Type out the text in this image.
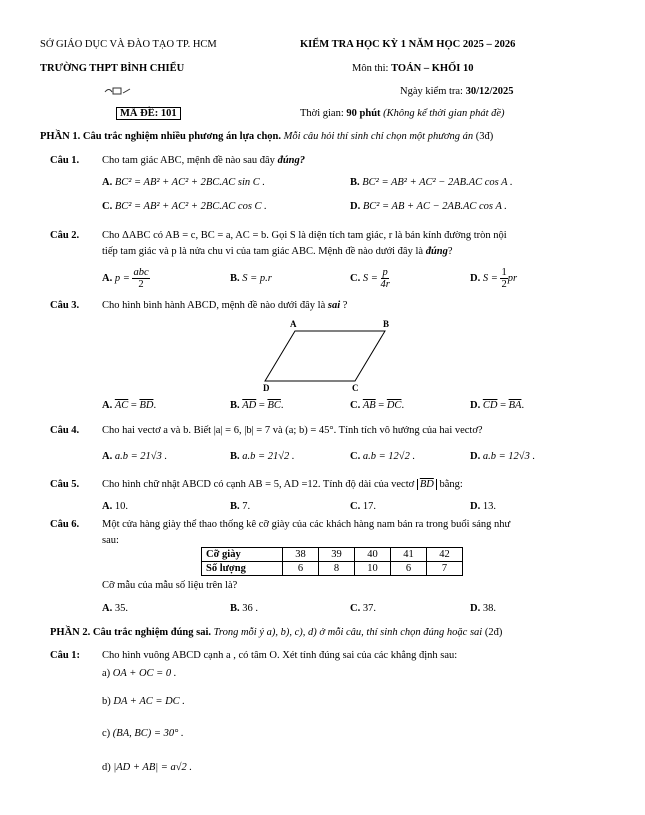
SỞ GIÁO DỤC VÀ ĐÀO TẠO TP. HCM
TRƯỜNG THPT BÌNH CHIỂU
KIỂM TRA HỌC KỲ 1 NĂM HỌC 2025 – 2026
Môn thi: TOÁN – KHỐI 10
Ngày kiểm tra: 30/12/2025
MÃ ĐỀ: 101	Thời gian: 90 phút (Không kể thời gian phát đề)
PHẦN 1. Câu trắc nghiệm nhiều phương án lựa chọn. Mỗi câu hỏi thí sinh chỉ chọn một phương án (3đ)
Câu 1. Cho tam giác ABC, mệnh đề nào sau đây đúng?
A. BC² = AB² + AC² + 2BC.AC sin C .	B. BC² = AB² + AC² − 2AB.AC cos A .
C. BC² = AB² + AC² + 2BC.AC cos C .	D. BC² = AB + AC − 2AB.AC cos A .
Câu 2. Cho ΔABC có AB = c, BC = a, AC = b. Gọi S là diện tích tam giác, r là bán kính đường tròn nội
tiếp tam giác và p là nửa chu vi của tam giác ABC. Mệnh đề nào dưới đây là đúng?
A.
p =

abc
2
B. S = p.r	C.
S =
$\frac{p}{4r}$	D.
S =
$\frac{1}{2}$ pr
Câu 3. Cho hình bình hành ABCD, mệnh đề nào dưới đây là sai ?
A	B
C
D
A. $\overline{AC} = \overline{BD}$.	B. $\overline{AD} = \overline{BC}$.	C. $\overline{AB} = \overline{DC}$.	D. $\overline{CD} = \overline{BA}$.
Câu 4. Cho hai vectơ a và b. Biết |a| = 6, |b| = 7 và (a; b) = 45°. Tính tích vô hướng của hai vectơ?
A. a.b = 21√3 .	B. a.b = 21√2 .	C. a.b = 12√2 .	D. a.b = 12√3 .
Câu 5. Cho hình chữ nhật ABCD có cạnh AB = 5, AD =12. Tính độ dài của vectơ $\overline{BD}$ bằng:
A. 10.	B. 7.	C. 17.	D. 13.
Câu 6. Một cửa hàng giày thể thao thống kê cỡ giày của các khách hàng nam bán ra trong buổi sáng như
sau:
Cỡ giày	38	39	40	41	42
Số lượng	6	8	10	6	7
Cỡ mẫu của mẫu số liệu trên là?
A. 35.	B. 36 .	C. 37.	D. 38.
PHẦN 2. Câu trắc nghiệm đúng sai. Trong mỗi ý a), b), c), d) ở mỗi câu, thí sinh chọn đúng hoặc sai (2đ)
Câu 1: Cho hình vuông ABCD cạnh a , có tâm O. Xét tính đúng sai của các khẳng định sau:
a) OA + OC = 0 .
b) DA + AC = DC .
c) (BA, BC) = 30° .
d) |AD + AB| = a√2 .
